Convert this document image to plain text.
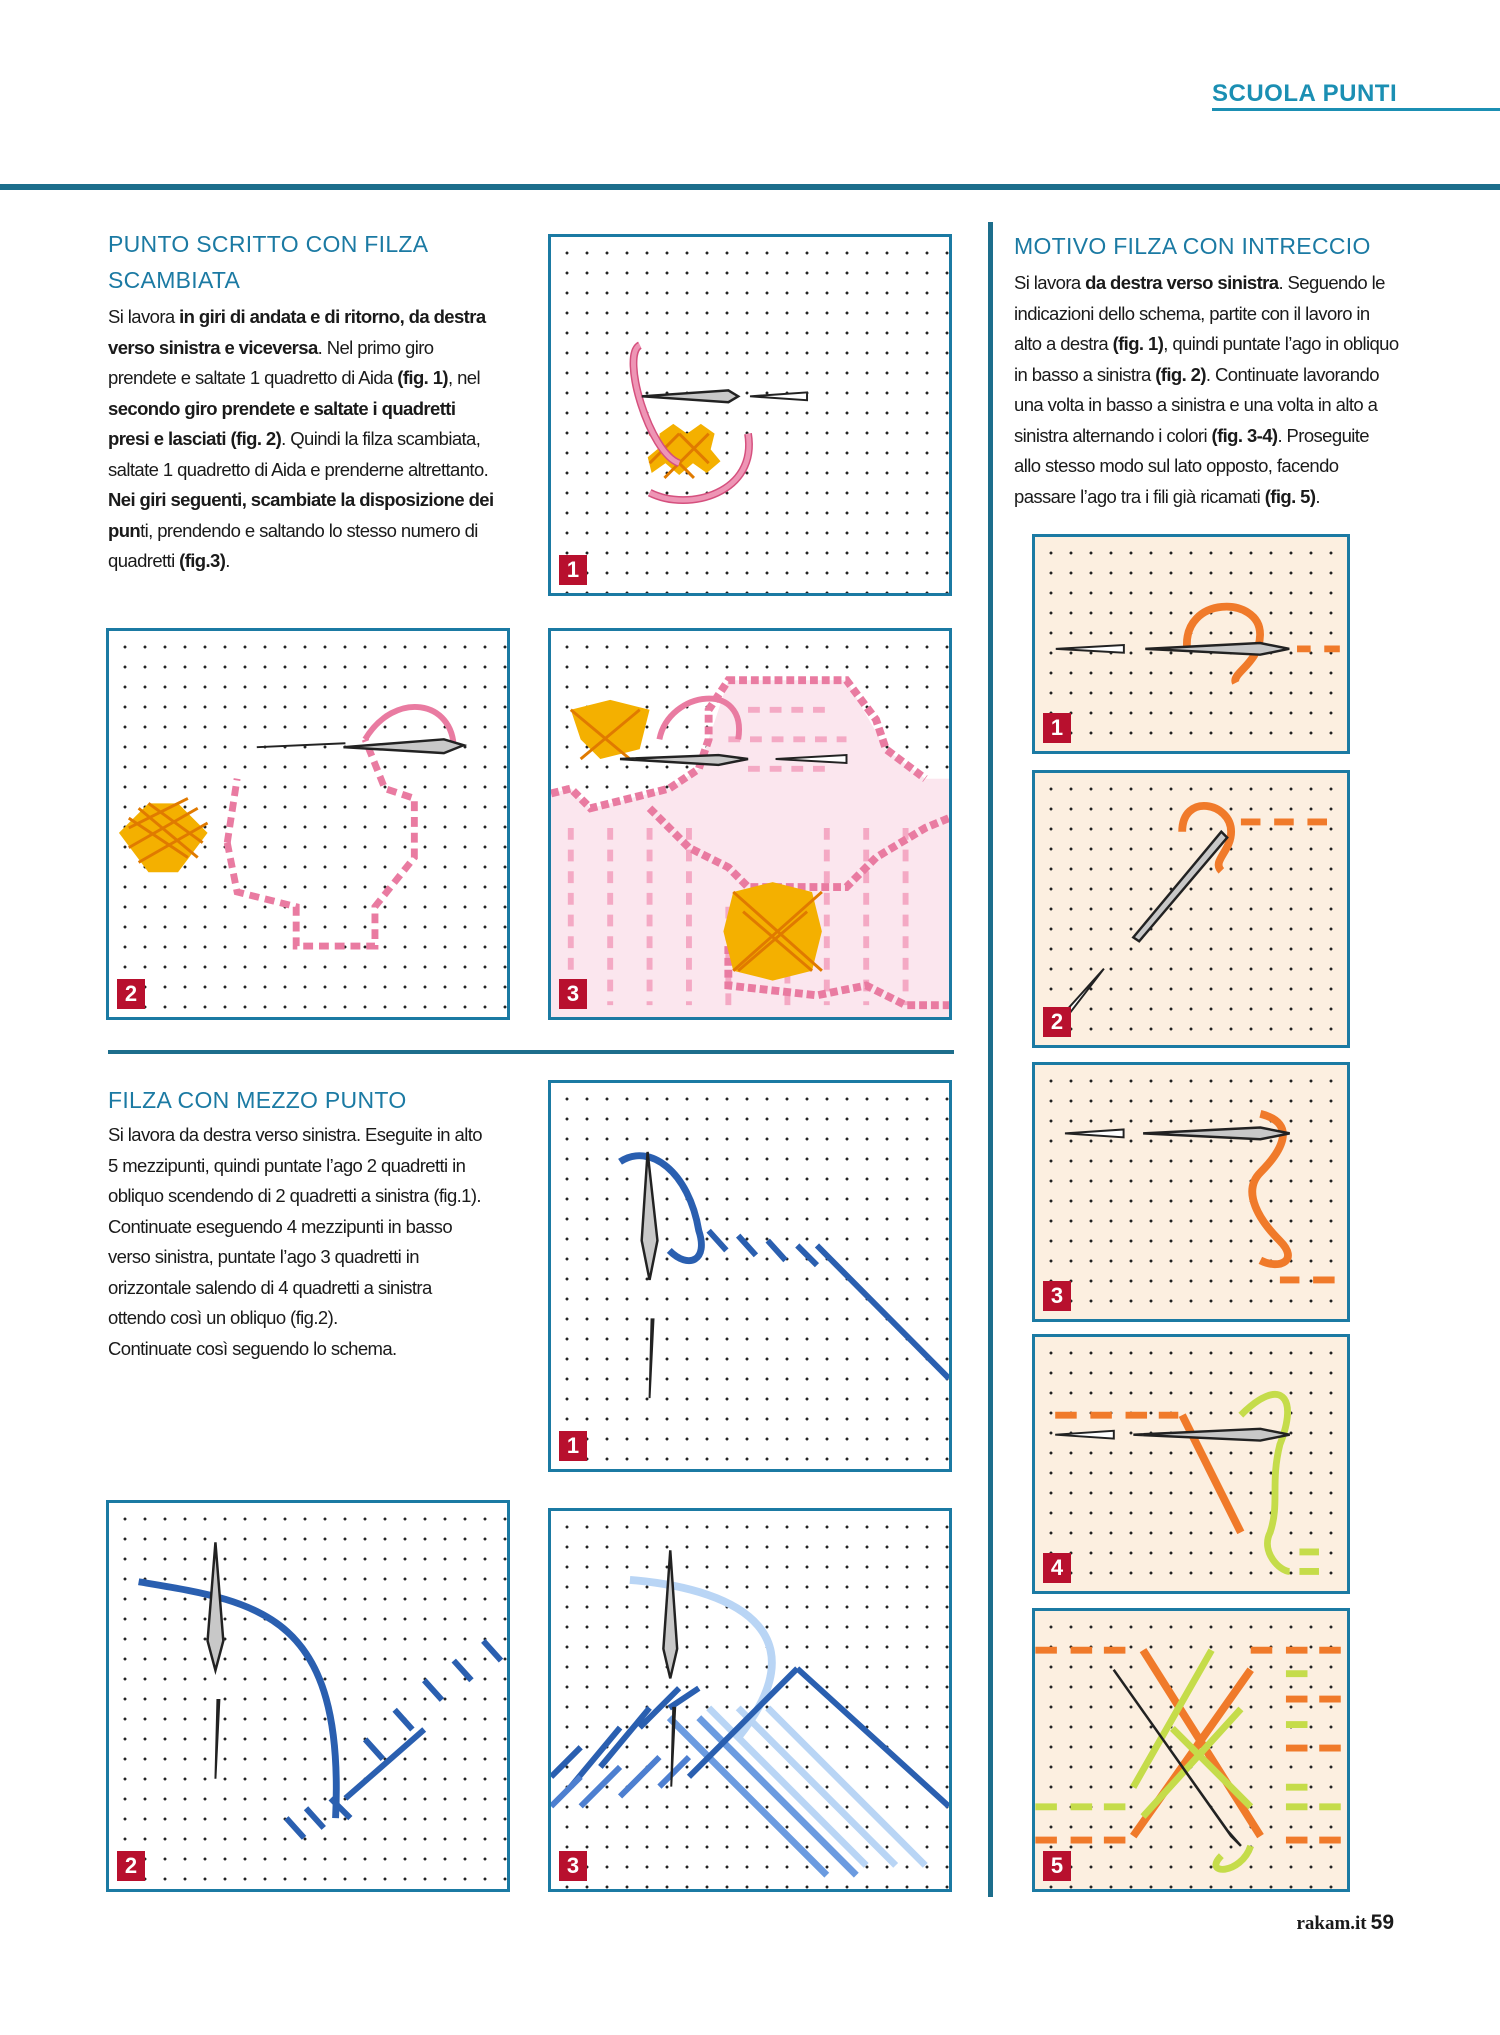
SCUOLA PUNTI
PUNTO SCRITTO CON FILZA
SCAMBIATA
Si lavora in giri di andata e di ritorno, da destra
verso sinistra e viceversa. Nel primo giro
prendete e saltate 1 quadretto di Aida (fig. 1), nel
secondo giro prendete e saltate i quadretti
presi e lasciati (fig. 2). Quindi la filza scambiata,
saltate 1 quadretto di Aida e prenderne altrettanto.
Nei giri seguenti, scambiate la disposizione dei
punti, prendendo e saltando lo stesso numero di
quadretti (fig.3).
FILZA CON MEZZO PUNTO
Si lavora da destra verso sinistra. Eseguite in alto
5 mezzipunti, quindi puntate l’ago 2 quadretti in
obliquo scendendo di 2 quadretti a sinistra (fig.1).
Continuate eseguendo 4 mezzipunti in basso
verso sinistra, puntate l’ago 3 quadretti in
orizzontale salendo di 4 quadretti a sinistra
ottendo così un obliquo (fig.2).
Continuate così seguendo lo schema.
MOTIVO FILZA CON INTRECCIO
Si lavora da destra verso sinistra. Seguendo le
indicazioni dello schema, partite con il lavoro in
alto a destra (fig. 1), quindi puntate l’ago in obliquo
in basso a sinistra (fig. 2). Continuate lavorando
una volta in basso a sinistra e una volta in alto a
sinistra alternando i colori (fig. 3-4). Proseguite
allo stesso modo sul lato opposto, facendo
passare l’ago tra i fili già ricamati (fig. 5).
1
2	3
1
2	3
1
2
3
4
5
rakam.it 59
